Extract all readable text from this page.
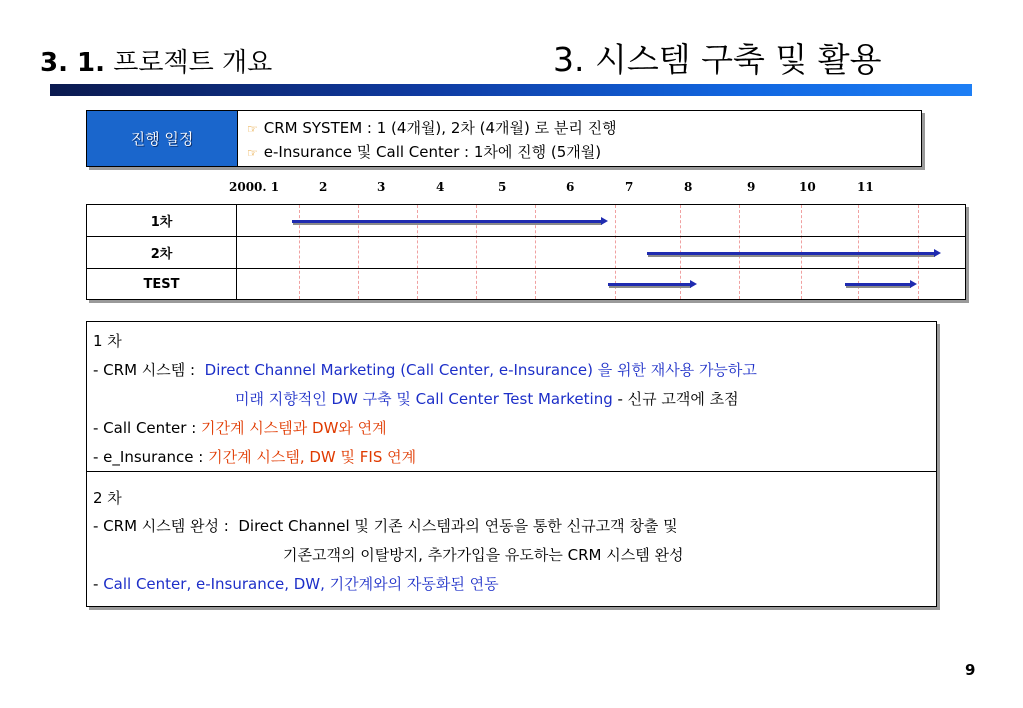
3. 1. 프로젝트 개요	3. 시스템 구축 및 활용
진행 일정
☞ CRM SYSTEM : 1 (4개월), 2차 (4개월) 로 분리 진행
☞ e-Insurance 및 Call Center : 1차에 진행 (5개월)
2000. 1	2	3	4	5	6	7	8	9	10	11
1차
2차
TEST
1 차
- CRM 시스템 : Direct Channel Marketing (Call Center, e-Insurance) 을 위한 재사용 가능하고
미래 지향적인 DW 구축 및 Call Center Test Marketing - 신규 고객에 초점
- Call Center : 기간계 시스템과 DW와 연계
- e_Insurance : 기간계 시스템, DW 및 FIS 연계
2 차
- CRM 시스템 완성 : Direct Channel 및 기존 시스템과의 연동을 통한 신규고객 창출 및
기존고객의 이탈방지, 추가가입을 유도하는 CRM 시스템 완성
- Call Center, e-Insurance, DW, 기간계와의 자동화된 연동
9
